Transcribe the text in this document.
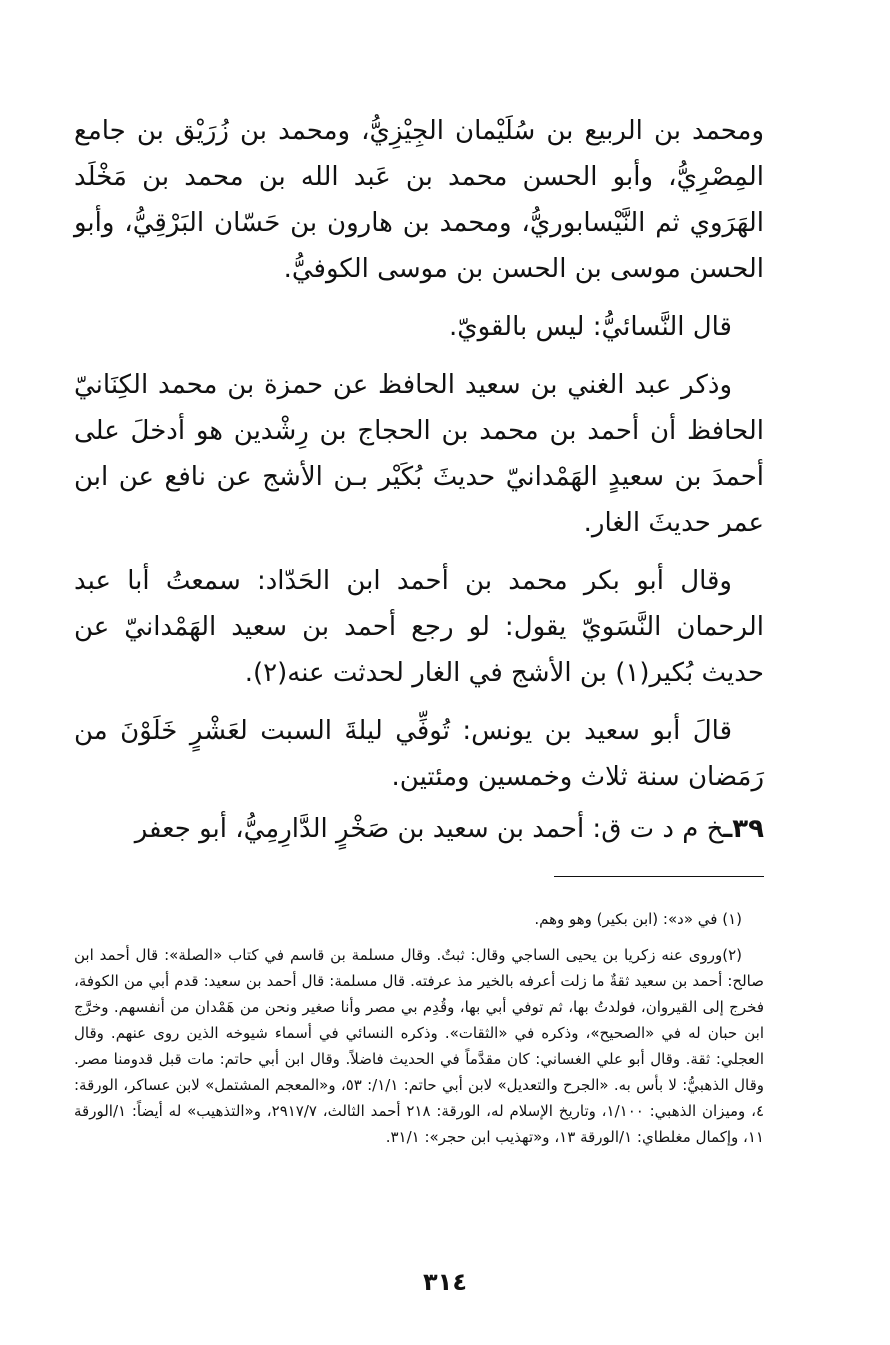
ومحمد بن الربيع بن سُلَيْمان الجِيْزِيُّ، ومحمد بن زُرَيْق بن جامع المِصْرِيُّ، وأبو الحسن محمد بن عَبد الله بن محمد بن مَخْلَد الهَرَوي ثم النَّيْسابوريُّ، ومحمد بن هارون بن حَسّان البَرْقِيُّ، وأبو الحسن موسى بن الحسن بن موسى الكوفيُّ.

قال النَّسائيُّ: ليس بالقويّ.

وذكر عبد الغني بن سعيد الحافظ عن حمزة بن محمد الكِنَانيّ الحافظ أن أحمد بن محمد بن الحجاج بن رِشْدين هو أدخلَ على أحمدَ بن سعيدٍ الهَمْدانيّ حديثَ بُكَيْر بـن الأشج عن نافع عن ابن عمر حديثَ الغار.

وقال أبو بكر محمد بن أحمد ابن الحَدّاد: سمعتُ أبا عبد الرحمان النَّسَويّ يقول: لو رجع أحمد بن سعيد الهَمْدانيّ عن حديث بُكير(١) بن الأشج في الغار لحدثت عنه(٢).

قالَ أبو سعيد بن يونس: تُوفِّي ليلةَ السبت لعَشْرٍ خَلَوْنَ من رَمَضان سنة ثلاث وخمسين ومئتين.

٣٩ـخ م د ت ق: أحمد بن سعيد بن صَخْرٍ الدَّارِمِيُّ، أبو جعفر

(١) في «د»: (ابن بكير) وهو وهم.

(٢)وروى عنه زكريا بن يحيى الساجي وقال: ثبتٌ. وقال مسلمة بن قاسم في كتاب «الصلة»: قال أحمد ابن صالح: أحمد بن سعيد ثقةٌ ما زلت أعرفه بالخير مذ عرفته. قال مسلمة: قال أحمد بن سعيد: قدم أبي من الكوفة، فخرج إلى القيروان، فولدتُ بها، ثم توفي أبي بها، وقُدِم بي مصر وأنا صغير ونحن من هَمْدان من أنفسهم. وخرَّج ابن حبان له في «الصحيح»، وذكره في «الثقات». وذكره النسائي في أسماء شيوخه الذين روى عنهم. وقال العجلي: ثقة. وقال أبو علي الغساني: كان مقدَّماً في الحديث فاضلاً. وقال ابن أبي حاتم: مات قبل قدومنا مصر. وقال الذهبيُّ: لا بأس به. «الجرح والتعديل» لابن أبي حاتم: ١/١/: ٥٣، و«المعجم المشتمل» لابن عساكر، الورقة: ٤، وميزان الذهبي: ١/١٠٠، وتاريخ الإسلام له، الورقة: ٢١٨ أحمد الثالث، ٢٩١٧/٧، و«التذهيب» له أيضاً: ١/الورقة ١١، وإكمال مغلطاي: ١/الورقة ١٣، و«تهذيب ابن حجر»: ٣١/١.

٣١٤
